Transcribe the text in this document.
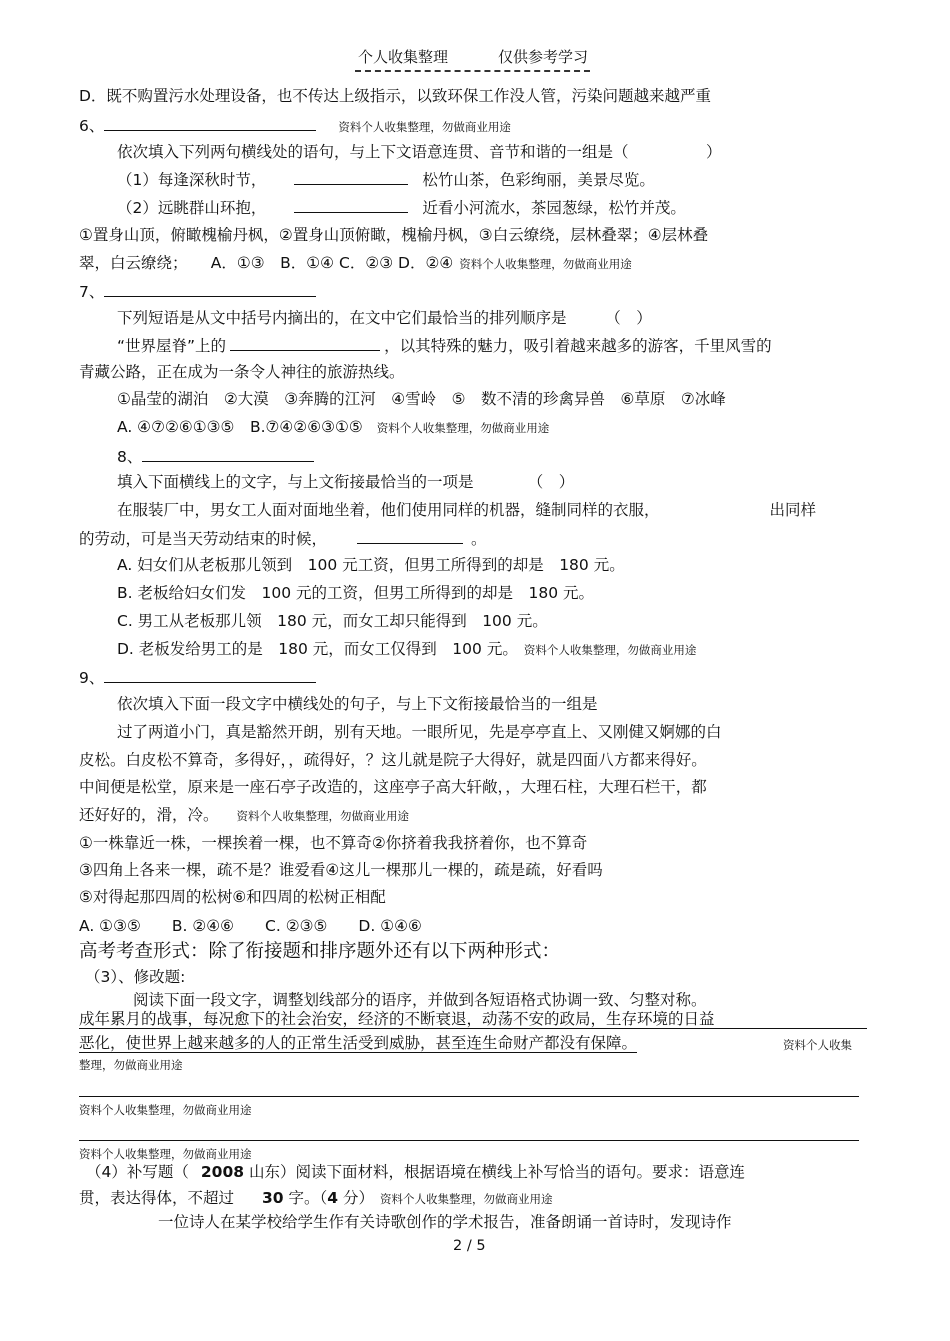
个人收集整理	仅供参考学习
D．既不购置污水处理设备，也不传达上级指示，以致环保工作没人管，污染问题越来越严重
6、	资料个人收集整理，勿做商业用途
依次填入下列两句横线处的语句，与上下文语意连贯、音节和谐的一组是（　　　　　）
（1）每逢深秋时节，	松竹山茶，色彩绚丽，美景尽览。
（2）远眺群山环抱，	近看小河流水，茶园葱绿，松竹并茂。
①置身山顶，俯瞰槐榆丹枫，②置身山顶俯瞰，槐榆丹枫，③白云缭绕，层林叠翠；④层林叠
翠，白云缭绕；　　A．①③　B．①④ C．②③ D．②④ 资料个人收集整理，勿做商业用途
7、
下列短语是从文中括号内摘出的，在文中它们最恰当的排列顺序是　　　（　）
“世界屋脊”上的	，以其特殊的魅力，吸引着越来越多的游客，千里风雪的
青藏公路，正在成为一条令人神往的旅游热线。
①晶莹的湖泊　②大漠　③奔腾的江河　④雪岭　⑤　数不清的珍禽异兽　⑥草原　⑦冰峰
A. ④⑦②⑥①③⑤　B.⑦④②⑥③①⑤ 资料个人收集整理，勿做商业用途
8、
填入下面横线上的文字，与上文衔接最恰当的一项是　　　　（　）
在服装厂中，男女工人面对面地坐着，他们使用同样的机器，缝制同样的衣服，	出同样
的劳动，可是当天劳动结束的时候，	。
A. 妇女们从老板那儿领到　100 元工资，但男工所得到的却是　180 元。
B. 老板给妇女们发　100 元的工资，但男工所得到的却是　180 元。
C. 男工从老板那儿领　180 元，而女工却只能得到　100 元。
D. 老板发给男工的是　180 元，而女工仅得到　100 元。 资料个人收集整理，勿做商业用途
9、
依次填入下面一段文字中横线处的句子，与上下文衔接最恰当的一组是
过了两道小门，真是豁然开朗，别有天地。一眼所见，先是亭亭直上、又刚健又婀娜的白
皮松。白皮松不算奇，多得好，，疏得好，？这儿就是院子大得好，就是四面八方都来得好。
中间便是松堂，原来是一座石亭子改造的，这座亭子高大轩敞，，大理石柱，大理石栏干，都
还好好的，滑，冷。 资料个人收集整理，勿做商业用途
①一株靠近一株，一棵挨着一棵，也不算奇②你挤着我我挤着你，也不算奇
③四角上各来一棵，疏不是？谁爱看④这儿一棵那儿一棵的，疏是疏，好看吗
⑤对得起那四周的松树⑥和四周的松树正相配
A. ①③⑤　　B. ②④⑥　　C. ②③⑤　　D. ①④⑥
高考考查形式：除了衔接题和排序题外还有以下两种形式：
（3）、修改题:
阅读下面一段文字，调整划线部分的语序，并做到各短语格式协调一致、匀整对称。
成年累月的战事，每况愈下的社会治安，经济的不断衰退，动荡不安的政局，生存环境的日益
恶化，使世界上越来越多的人的正常生活受到威胁，甚至连生命财产都没有保障。	资料个人收集
整理，勿做商业用途
资料个人收集整理，勿做商业用途
资料个人收集整理，勿做商业用途
（4）补写题（ 2008 山东）阅读下面材料，根据语境在横线上补写恰当的语句。要求：语意连
贯，表达得体，不超过 30 字。（4 分） 资料个人收集整理，勿做商业用途
一位诗人在某学校给学生作有关诗歌创作的学术报告，准备朗诵一首诗时，发现诗作
2 / 5
